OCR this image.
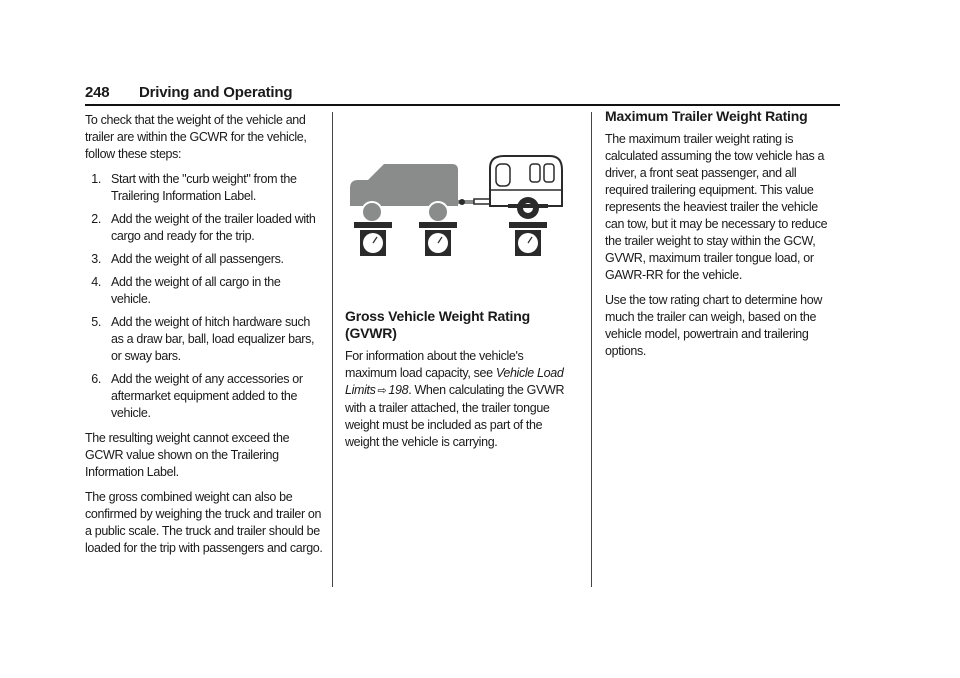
248 Driving and Operating

To check that the weight of the vehicle and trailer are within the GCWR for the vehicle, follow these steps:

1. Start with the "curb weight" from the Trailering Information Label.
2. Add the weight of the trailer loaded with cargo and ready for the trip.
3. Add the weight of all passengers.
4. Add the weight of all cargo in the vehicle.
5. Add the weight of hitch hardware such as a draw bar, ball, load equalizer bars, or sway bars.
6. Add the weight of any accessories or aftermarket equipment added to the vehicle.

The resulting weight cannot exceed the GCWR value shown on the Trailering Information Label.

The gross combined weight can also be confirmed by weighing the truck and trailer on a public scale. The truck and trailer should be loaded for the trip with passengers and cargo.

Gross Vehicle Weight Rating (GVWR)

For information about the vehicle's maximum load capacity, see Vehicle Load Limits ⇨ 198. When calculating the GVWR with a trailer attached, the trailer tongue weight must be included as part of the weight the vehicle is carrying.

Maximum Trailer Weight Rating

The maximum trailer weight rating is calculated assuming the tow vehicle has a driver, a front seat passenger, and all required trailering equipment. This value represents the heaviest trailer the vehicle can tow, but it may be necessary to reduce the trailer weight to stay within the GCW, GVWR, maximum trailer tongue load, or GAWR-RR for the vehicle.

Use the tow rating chart to determine how much the trailer can weigh, based on the vehicle model, powertrain and trailering options.
